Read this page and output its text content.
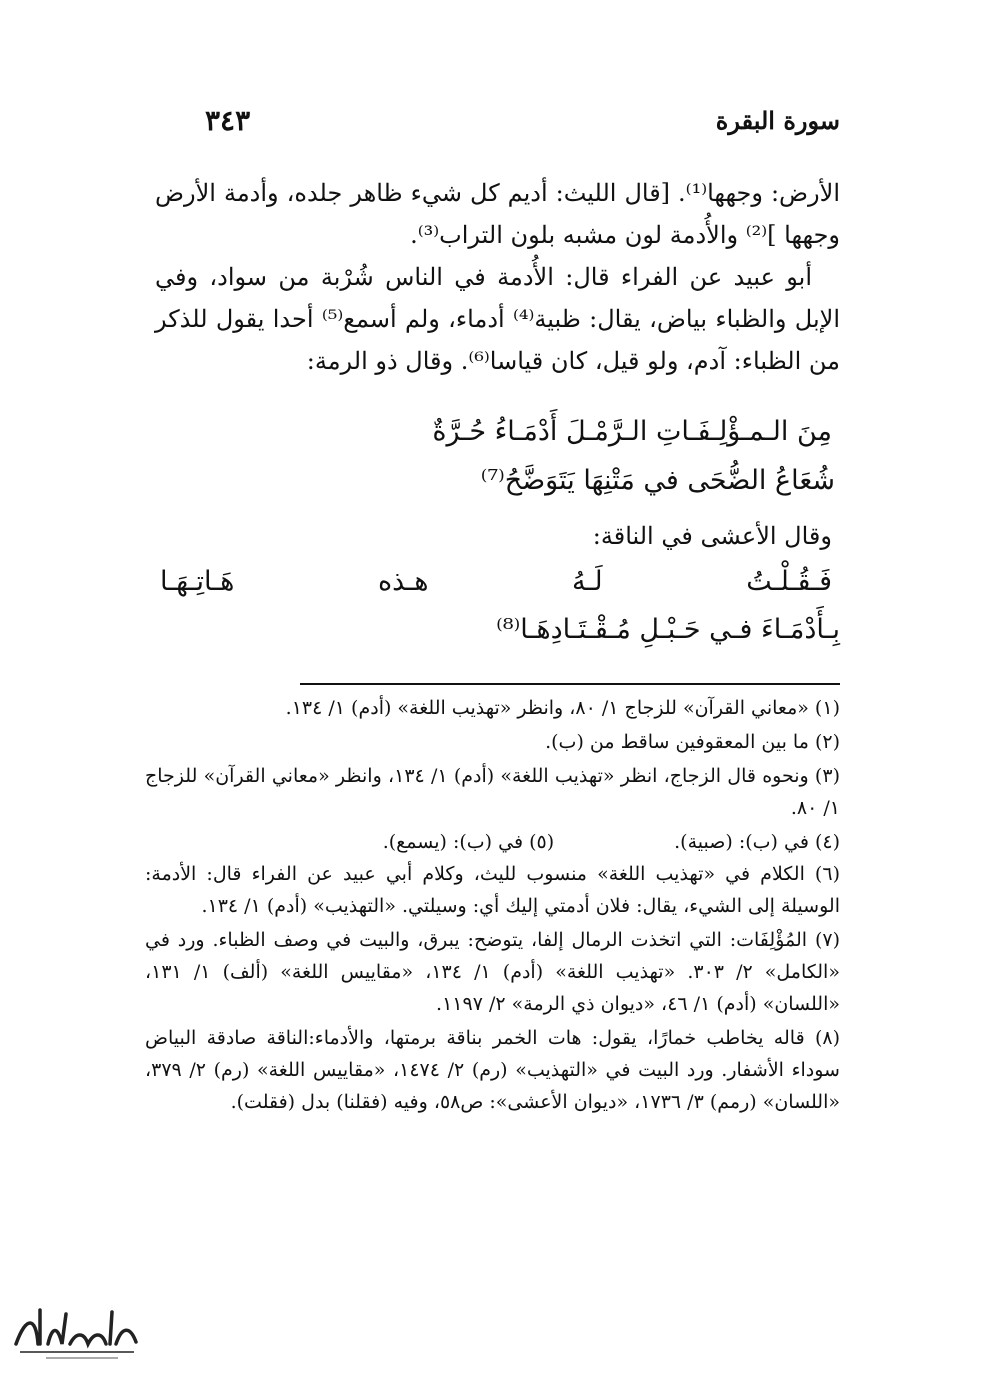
سورة البقرة
٣٤٣

الأرض: وجهها⁽¹⁾. [قال الليث: أديم كل شيء ظاهر جلده، وأدمة الأرض وجهها ]⁽²⁾ والأُدمة لون مشبه بلون التراب⁽³⁾.

أبو عبيد عن الفراء قال: الأُدمة في الناس شُرْبة من سواد، وفي الإبل والظباء بياض، يقال: ظبية⁽⁴⁾ أدماء، ولم أسمع⁽⁵⁾ أحدا يقول للذكر من الظباء: آدم، ولو قيل، كان قياسا⁽⁶⁾. وقال ذو الرمة:

مِنَ الـمـؤْلِـفَـاتِ الـرَّمْـلَ أَدْمَـاءُ حُـرَّةٌ
شُعَاعُ الضُّحَى في مَتْنِهَا يَتَوَضَّحُ⁽⁷⁾
وقال الأعشى في الناقة:
فَـقُـلْـتُ
لَـهُ
هـذه
هَـاتِـهَـا
بِـأَدْمَـاءَ فـي حَـبْـلِ مُـقْـتَـادِهَـا⁽⁸⁾

(١) «معاني القرآن» للزجاج ١/ ٨٠، وانظر «تهذيب اللغة» (أدم) ١/ ١٣٤.

(٢) ما بين المعقوفين ساقط من (ب).

(٣) ونحوه قال الزجاج، انظر «تهذيب اللغة» (أدم) ١/ ١٣٤، وانظر «معاني القرآن» للزجاج ١/ ٨٠.

(٤) في (ب): (صبية).
(٥) في (ب): (يسمع).

(٦) الكلام في «تهذيب اللغة» منسوب لليث، وكلام أبي عبيد عن الفراء قال: الأدمة: الوسيلة إلى الشيء، يقال: فلان أدمتي إليك أي: وسيلتي. «التهذيب» (أدم) ١/ ١٣٤.

(٧) المُؤْلِفَات: التي اتخذت الرمال إلفا، يتوضح: يبرق، والبيت في وصف الظباء. ورد في «الكامل» ٢/ ٣٠٣. «تهذيب اللغة» (أدم) ١/ ١٣٤، «مقاييس اللغة» (ألف) ١/ ١٣١، «اللسان» (أدم) ١/ ٤٦، «ديوان ذي الرمة» ٢/ ١١٩٧.

(٨) قاله يخاطب خمارًا، يقول: هات الخمر بناقة برمتها، والأدماء:الناقة صادقة البياض سوداء الأشفار. ورد البيت في «التهذيب» (رم) ٢/ ١٤٧٤، «مقاييس اللغة» (رم) ٢/ ٣٧٩، «اللسان» (رمم) ٣/ ١٧٣٦، «ديوان الأعشى»: ص٥٨، وفيه (فقلنا) بدل (فقلت).
